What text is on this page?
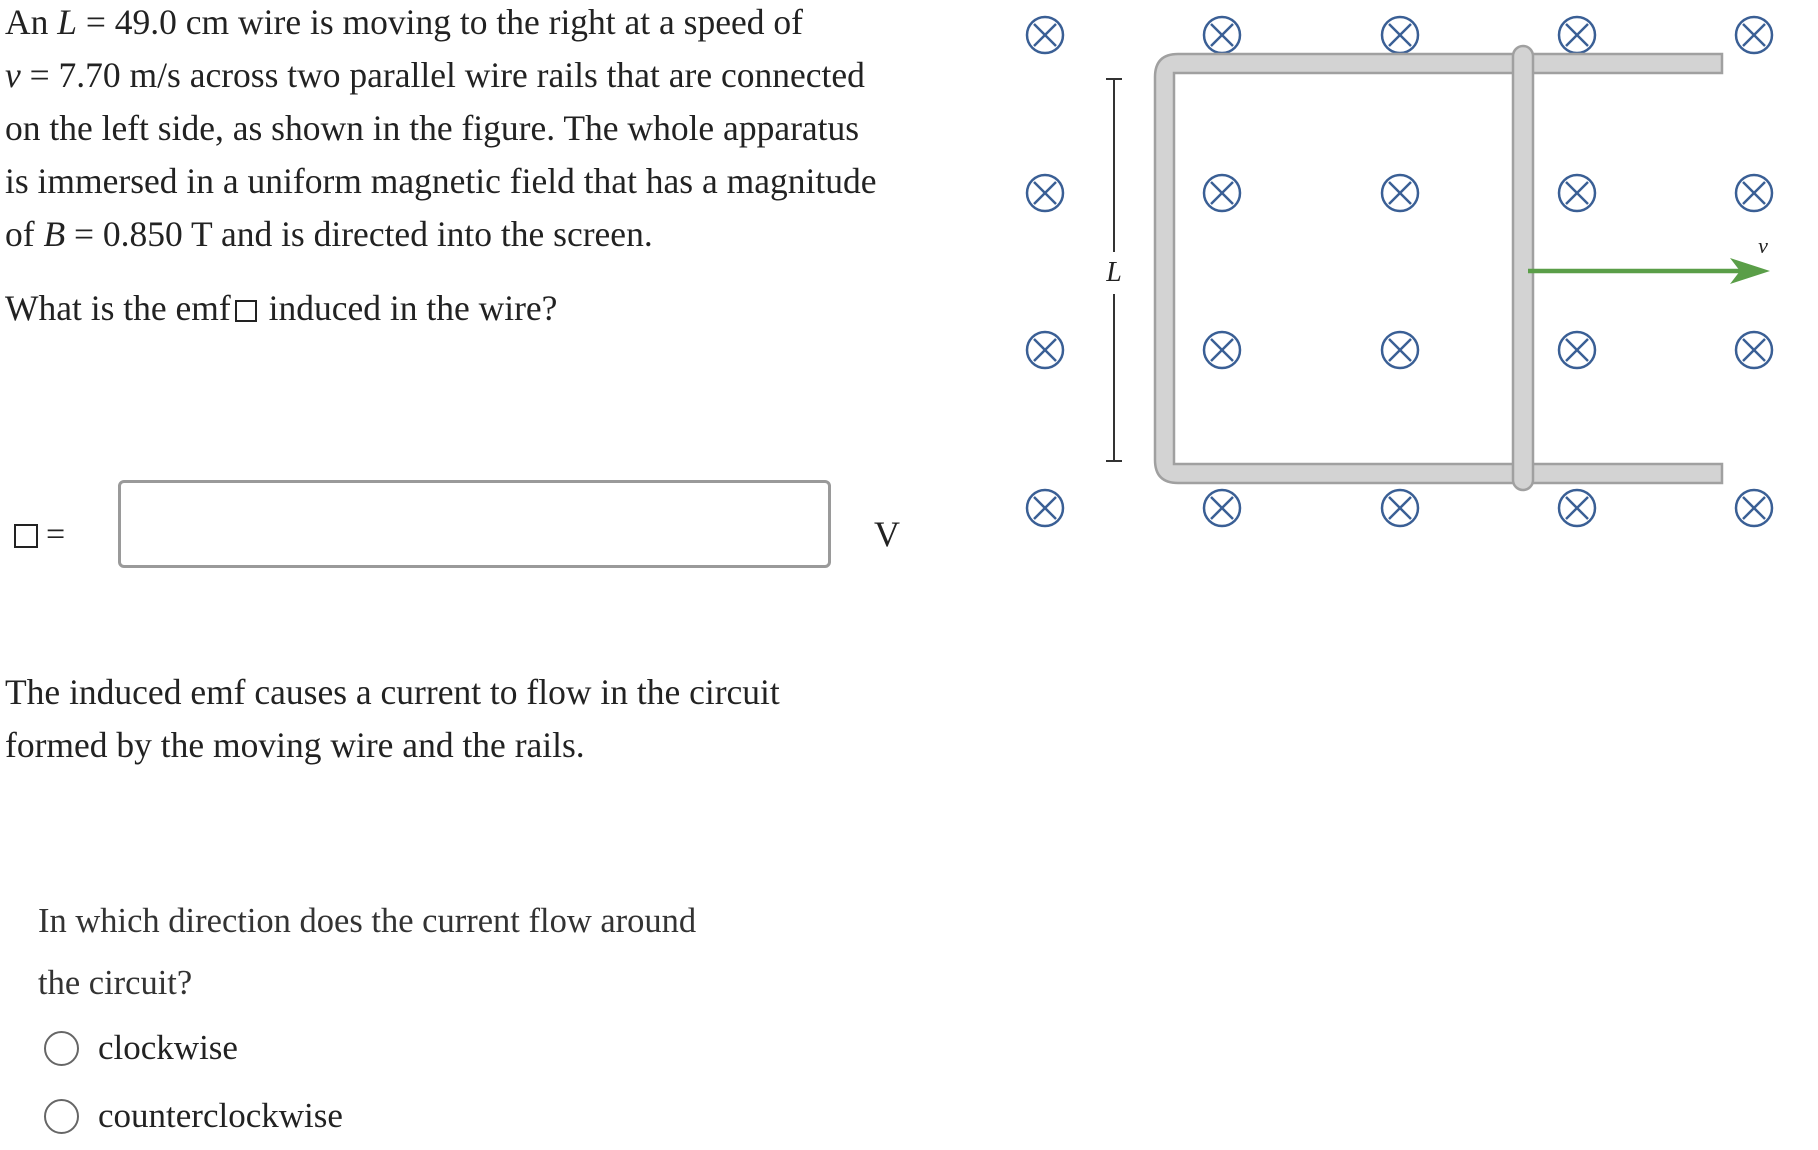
An L = 49.0 cm wire is moving to the right at a speed of
v = 7.70 m/s across two parallel wire rails that are connected
on the left side, as shown in the figure. The whole apparatus
is immersed in a uniform magnetic field that has a magnitude
of B = 0.850 T and is directed into the screen.

What is the emf induced in the wire?

=	V

The induced emf causes a current to flow in the circuit
formed by the moving wire and the rails.

In which direction does the current flow around
the circuit?

clockwise
counterclockwise
L
v
